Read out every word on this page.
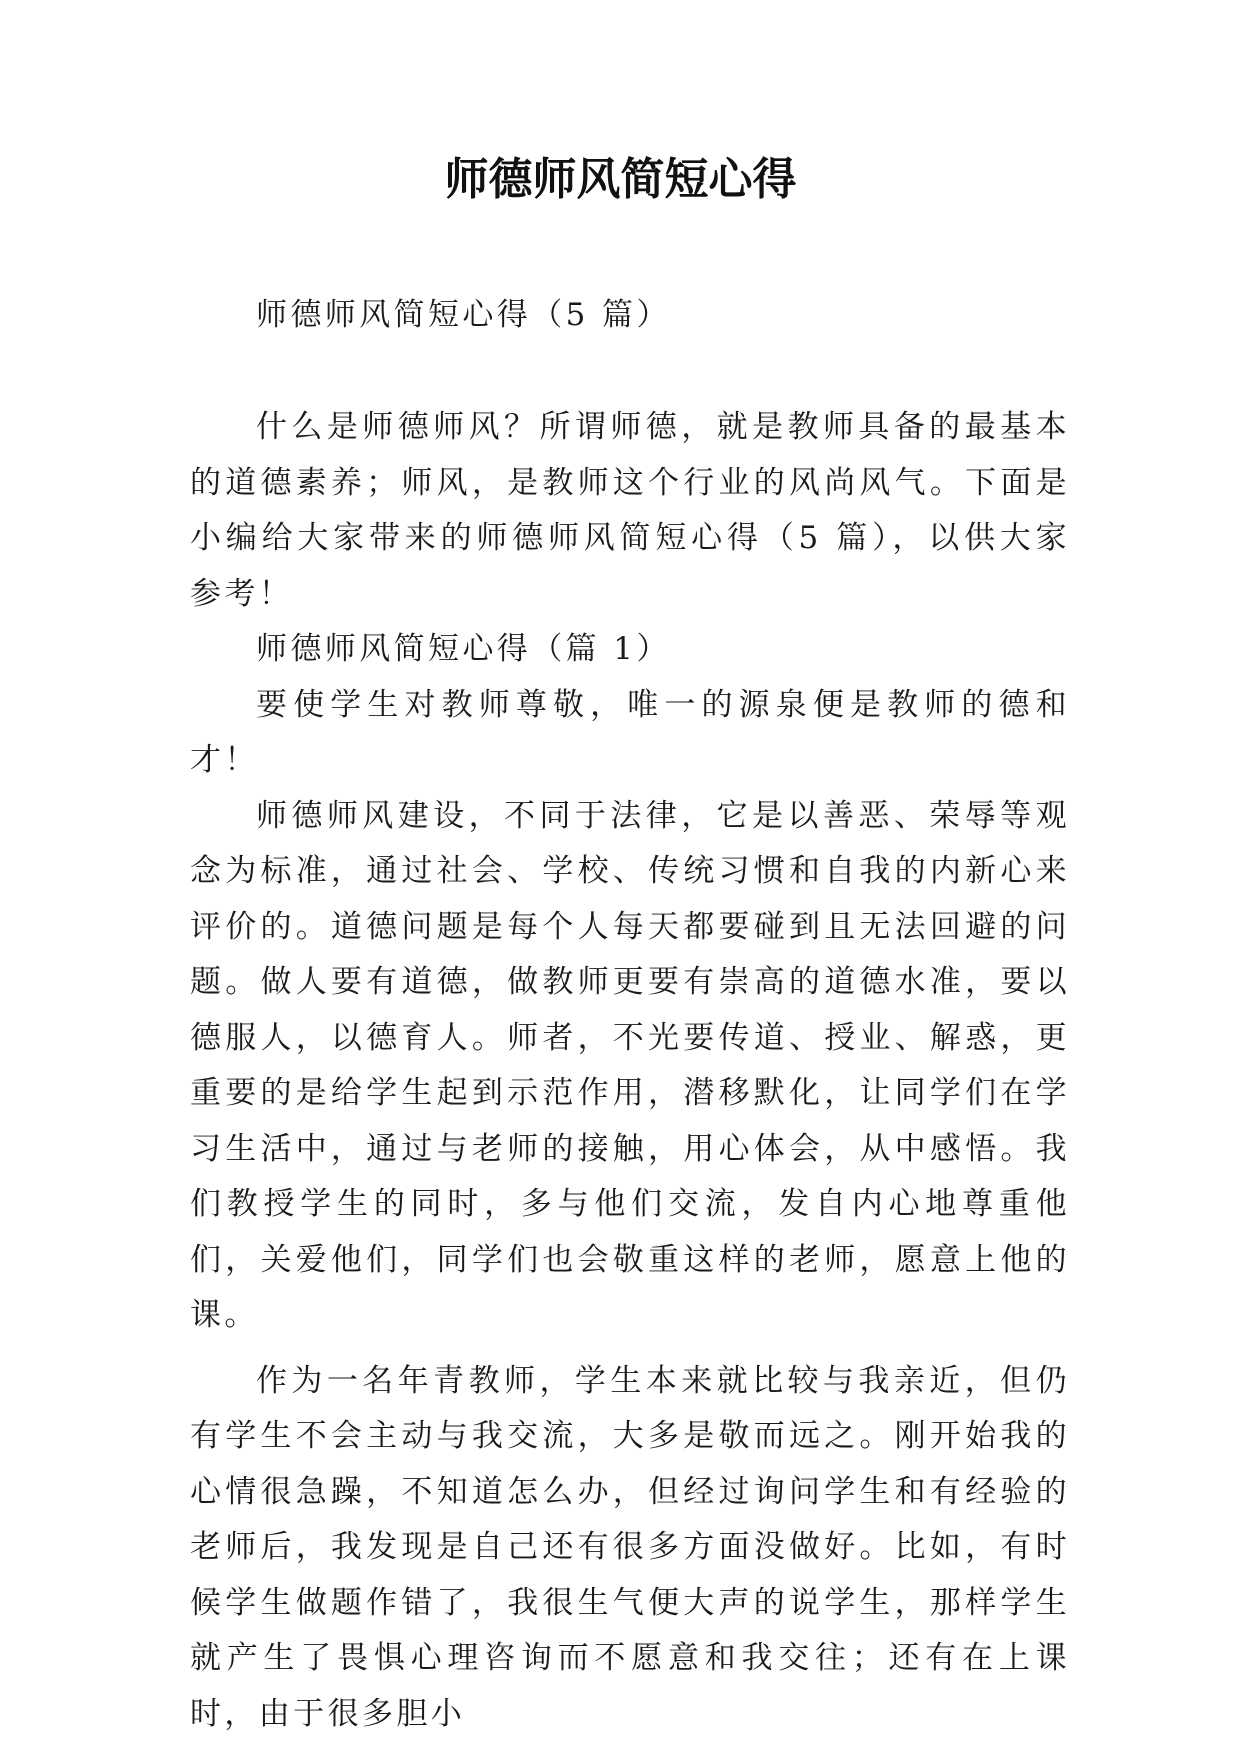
师德师风简短心得

师德师风简短心得（5 篇）

什么是师德师风？所谓师德，就是教师具备的最基本的道德素养；师风，是教师这个行业的风尚风气。下面是小编给大家带来的师德师风简短心得（5 篇），以供大家参考！

师德师风简短心得（篇 1）

要使学生对教师尊敬，唯一的源泉便是教师的德和才！

师德师风建设，不同于法律，它是以善恶、荣辱等观念为标准，通过社会、学校、传统习惯和自我的内新心来评价的。道德问题是每个人每天都要碰到且无法回避的问题。做人要有道德，做教师更要有崇高的道德水准，要以德服人，以德育人。师者，不光要传道、授业、解惑，更重要的是给学生起到示范作用，潜移默化，让同学们在学习生活中，通过与老师的接触，用心体会，从中感悟。我们教授学生的同时，多与他们交流，发自内心地尊重他们，关爱他们，同学们也会敬重这样的老师，愿意上他的课。

作为一名年青教师，学生本来就比较与我亲近，但仍有学生不会主动与我交流，大多是敬而远之。刚开始我的心情很急躁，不知道怎么办，但经过询问学生和有经验的老师后，我发现是自己还有很多方面没做好。比如，有时候学生做题作错了，我很生气便大声的说学生，那样学生就产生了畏惧心理咨询而不愿意和我交往；还有在上课时，由于很多胆小
